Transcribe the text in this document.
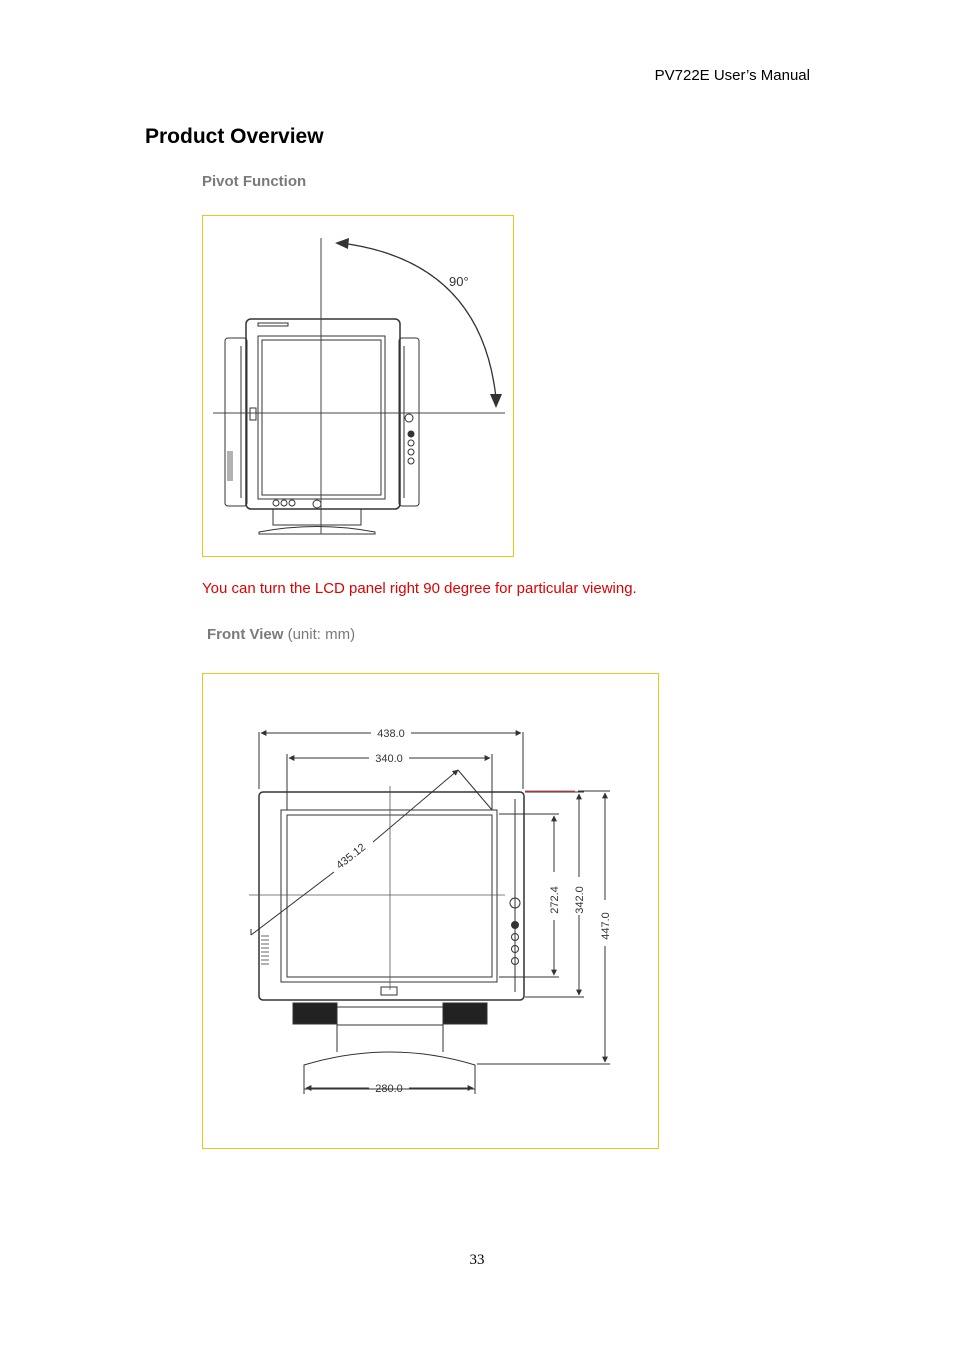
PV722E User’s Manual
Product Overview
Pivot Function
90°
You can turn the LCD panel right 90 degree for particular viewing.
Front View (unit: mm)
438.0
340.0
435.12
272.4 342.0
447.0
280.0
33
